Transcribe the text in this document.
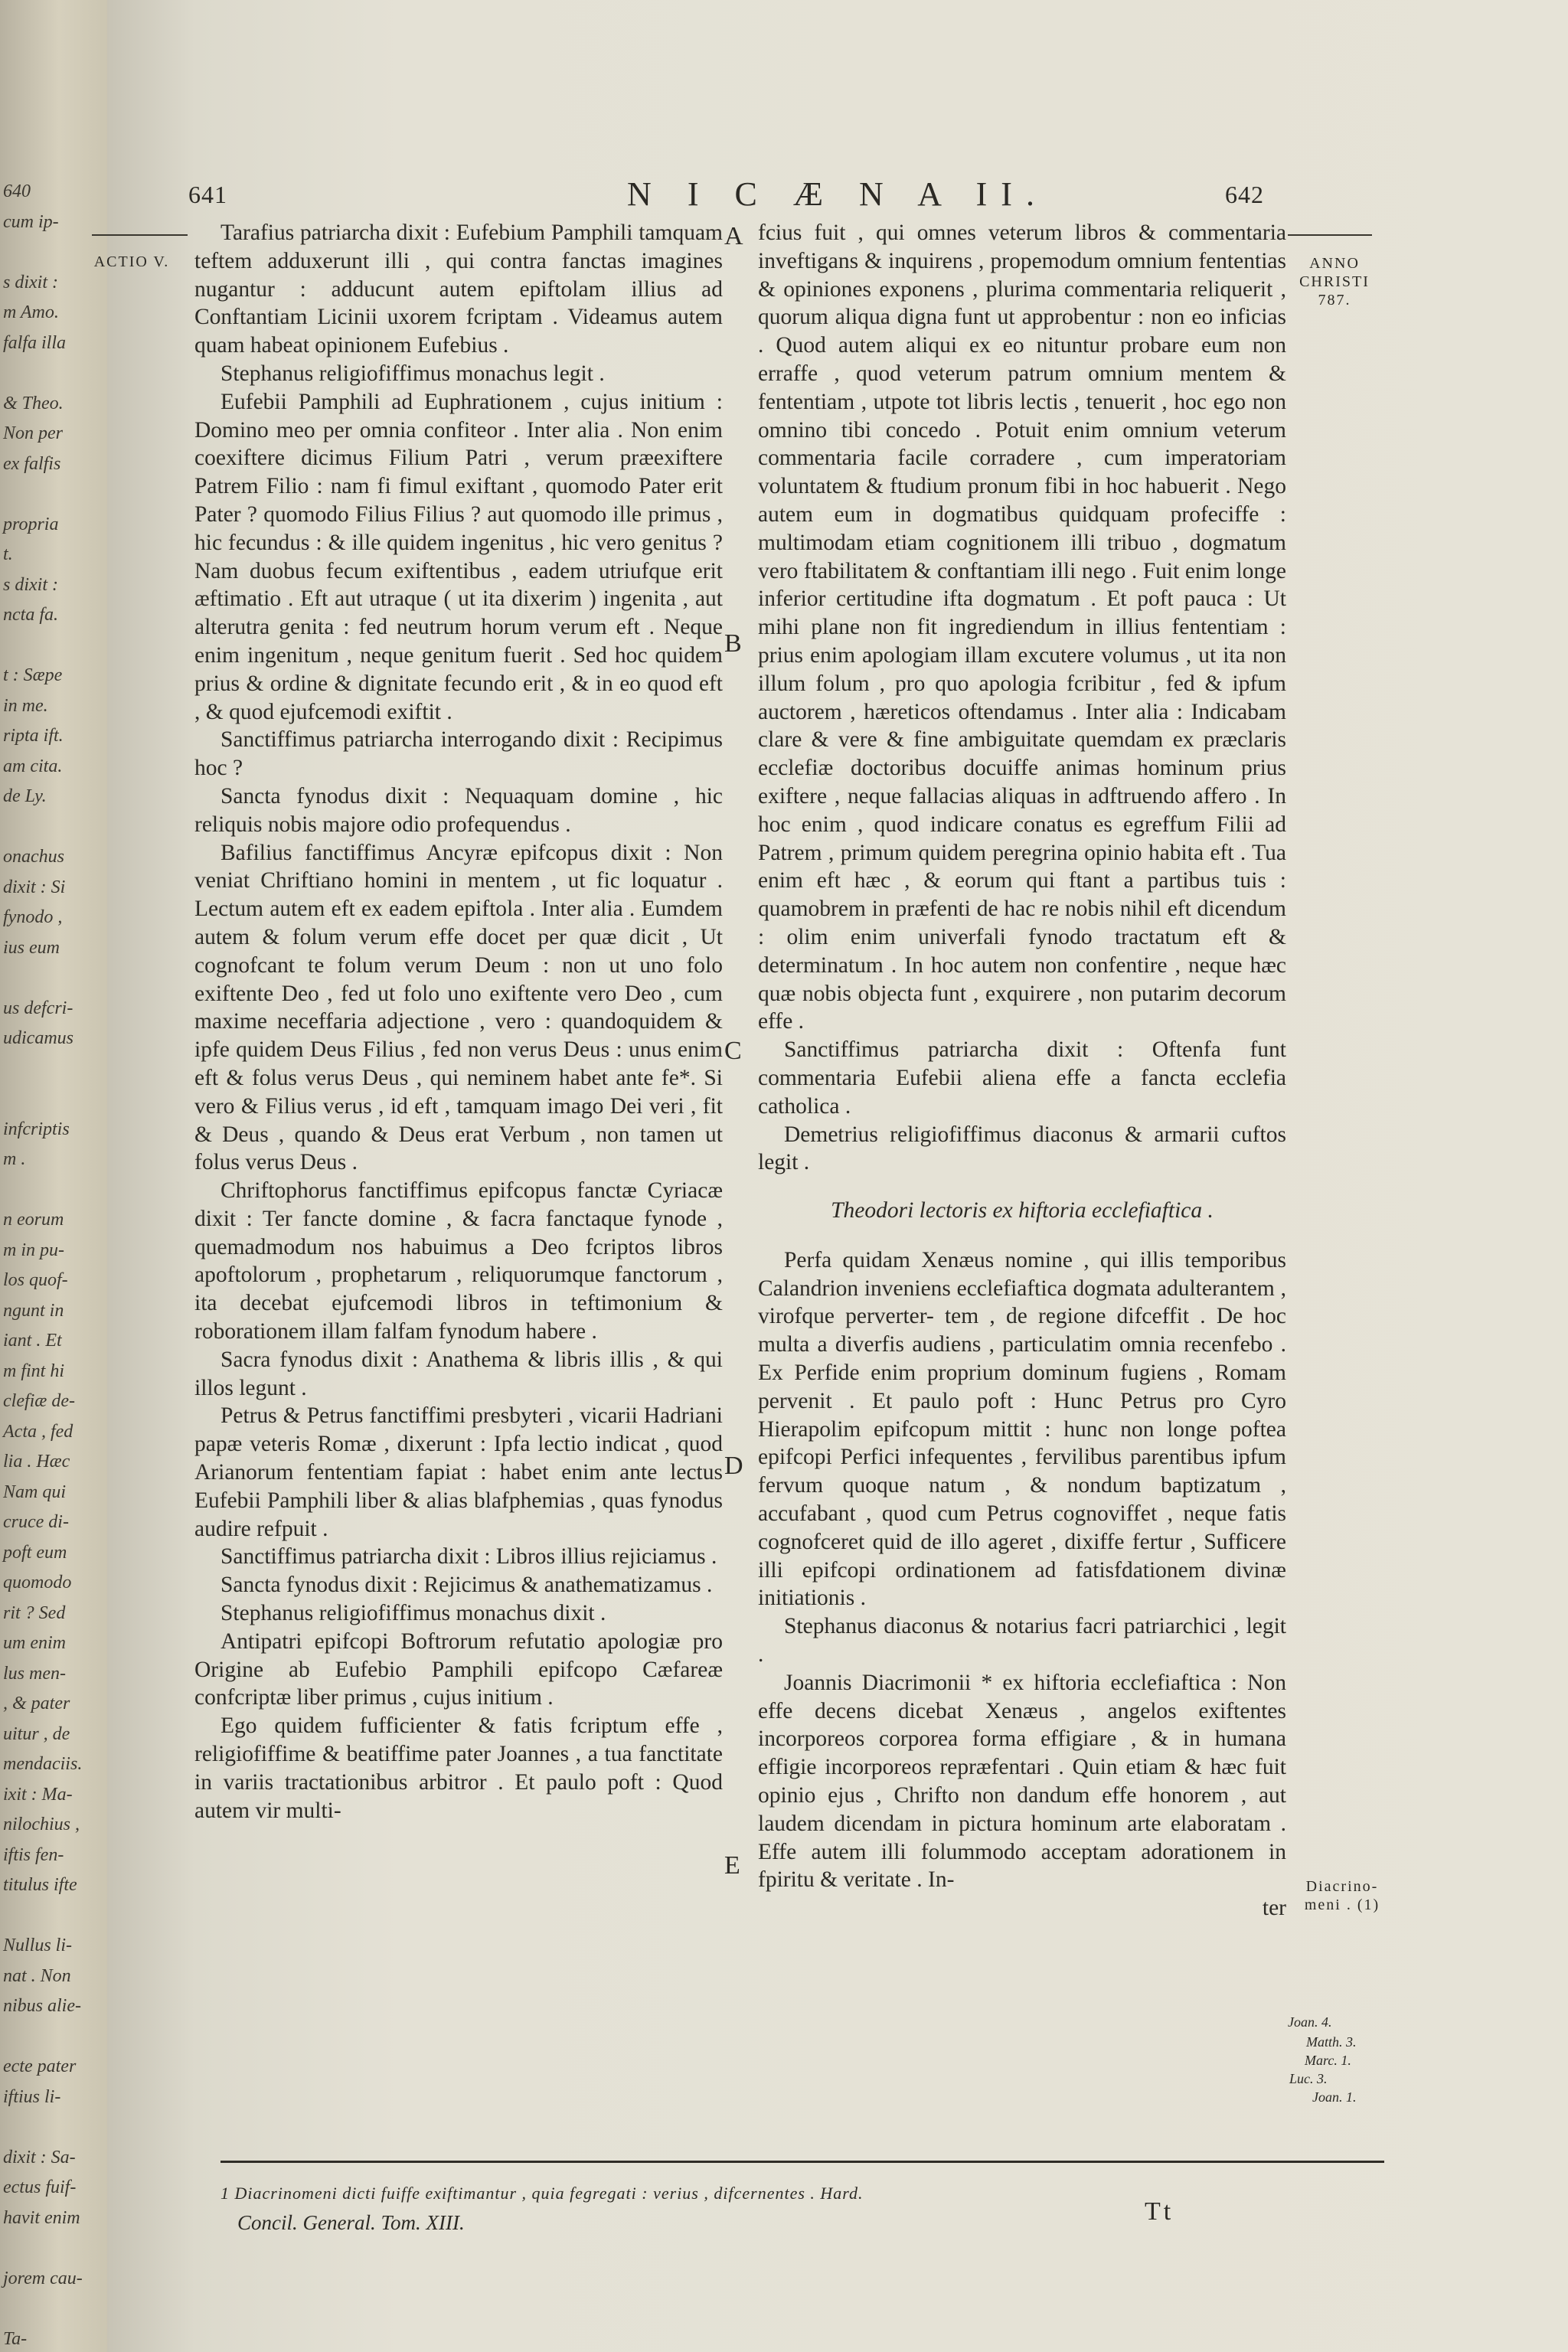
640
cum ip-
s dixit :
m Amo.
falfa illa
& Theo.
Non per
ex falfis
propria
t.
s dixit :
ncta fa.
t : Sæpe
in me.
ripta ift.
am cita.
de Ly.
onachus
dixit : Si
fynodo ,
ius eum
us defcri-
udicamus
infcriptis
m .
n eorum
m in pu-
los quof-
ngunt in
iant . Et
m fint hi
clefiæ de-
Acta , fed
lia . Hæc
Nam qui
cruce di-
poft eum
quomodo
rit ? Sed
um enim
lus men-
, & pater
uitur , de
mendaciis.
ixit : Ma-
nilochius ,
iftis fen-
titulus ifte
Nullus li-
nat . Non
nibus alie-
ecte pater
iftius li-
dixit : Sa-
ectus fuif-
havit enim
jorem cau-
Ta-
641	N I C Æ N A II.	642
ACTIO V.	ANNO CHRISTI 787.
Diacrino- meni . (1)
Joan. 4.
Matth. 3.
Marc. 1.
Luc. 3.
Joan. 1.
A
B
C
D
E

Tarafius patriarcha dixit : Eufebium Pamphili tamquam teftem adduxerunt illi , qui contra fanctas imagines nugantur : adducunt autem epiftolam illius ad Conftantiam Licinii uxorem fcriptam . Videamus autem quam habeat opinionem Eufebius .

Stephanus religiofiffimus monachus legit .

Eufebii Pamphili ad Euphrationem , cujus initium : Domino meo per omnia confiteor . Inter alia . Non enim coexiftere dicimus Filium Patri , verum præexiftere Patrem Filio : nam fi fimul exiftant , quomodo Pater erit Pater ? quomodo Filius Filius ? aut quomodo ille primus , hic fecundus : & ille quidem ingenitus , hic vero genitus ? Nam duobus fecum exiftentibus , eadem utriufque erit æftimatio . Eft aut utraque ( ut ita dixerim ) ingenita , aut alterutra genita : fed neutrum horum verum eft . Neque enim ingenitum , neque genitum fuerit . Sed hoc quidem prius & ordine & dignitate fecundo erit , & in eo quod eft , & quod ejufcemodi exiftit .

Sanctiffimus patriarcha interrogando dixit : Recipimus hoc ?

Sancta fynodus dixit : Nequaquam domine , hic reliquis nobis majore odio profequendus .

Bafilius fanctiffimus Ancyræ epifcopus dixit : Non veniat Chriftiano homini in mentem , ut fic loquatur . Lectum autem eft ex eadem epiftola . Inter alia . Eumdem autem & folum verum effe docet per quæ dicit , Ut cognofcant te folum verum Deum : non ut uno folo exiftente Deo , fed ut folo uno exiftente vero Deo , cum maxime neceffaria adjectione , vero : quandoquidem & ipfe quidem Deus Filius , fed non verus Deus : unus enim eft & folus verus Deus , qui neminem habet ante fe*. Si vero & Filius verus , id eft , tamquam imago Dei veri , fit & Deus , quando & Deus erat Verbum , non tamen ut folus verus Deus .

Chriftophorus fanctiffimus epifcopus fanctæ Cyriacæ dixit : Ter fancte domine , & facra fanctaque fynode , quemadmodum nos habuimus a Deo fcriptos libros apoftolorum , prophetarum , reliquorumque fanctorum , ita decebat ejufcemodi libros in teftimonium & roborationem illam falfam fynodum habere .

Sacra fynodus dixit : Anathema & libris illis , & qui illos legunt .

Petrus & Petrus fanctiffimi presbyteri , vicarii Hadriani papæ veteris Romæ , dixerunt : Ipfa lectio indicat , quod Arianorum fententiam fapiat : habet enim ante lectus Eufebii Pamphili liber & alias blafphemias , quas fynodus audire refpuit .

Sanctiffimus patriarcha dixit : Libros illius rejiciamus .

Sancta fynodus dixit : Rejicimus & anathematizamus .

Stephanus religiofiffimus monachus dixit .

Antipatri epifcopi Boftrorum refutatio apologiæ pro Origine ab Eufebio Pamphili epifcopo Cæfareæ confcriptæ liber primus , cujus initium .

Ego quidem fufficienter & fatis fcriptum effe , religiofiffime & beatiffime pater Joannes , a tua fanctitate in variis tractationibus arbitror . Et paulo poft : Quod autem vir multi-

fcius fuit , qui omnes veterum libros & commentaria inveftigans & inquirens , propemodum omnium fententias & opiniones exponens , plurima commentaria reliquerit , quorum aliqua digna funt ut approbentur : non eo inficias . Quod autem aliqui ex eo nituntur probare eum non erraffe , quod veterum patrum omnium mentem & fententiam , utpote tot libris lectis , tenuerit , hoc ego non omnino tibi concedo . Potuit enim omnium veterum commentaria facile corradere , cum imperatoriam voluntatem & ftudium pronum fibi in hoc habuerit . Nego autem eum in dogmatibus quidquam profeciffe : multimodam etiam cognitionem illi tribuo , dogmatum vero ftabilitatem & conftantiam illi nego . Fuit enim longe inferior certitudine ifta dogmatum . Et poft pauca : Ut mihi plane non fit ingrediendum in illius fententiam : prius enim apologiam illam excutere volumus , ut ita non illum folum , pro quo apologia fcribitur , fed & ipfum auctorem , hæreticos oftendamus . Inter alia : Indicabam clare & vere & fine ambiguitate quemdam ex præclaris ecclefiæ doctoribus docuiffe animas hominum prius exiftere , neque fallacias aliquas in adftruendo affero . In hoc enim , quod indicare conatus es egreffum Filii ad Patrem , primum quidem peregrina opinio habita eft . Tua enim eft hæc , & eorum qui ftant a partibus tuis : quamobrem in præfenti de hac re nobis nihil eft dicendum : olim enim univerfali fynodo tractatum eft & determinatum . In hoc autem non confentire , neque hæc quæ nobis objecta funt , exquirere , non putarim decorum effe .

Sanctiffimus patriarcha dixit : Oftenfa funt commentaria Eufebii aliena effe a fancta ecclefia catholica .

Demetrius religiofiffimus diaconus & armarii cuftos legit .

Theodori lectoris ex hiftoria ecclefiaftica .

Perfa quidam Xenæus nomine , qui illis temporibus Calandrion inveniens ecclefiaftica dogmata adulterantem , virofque perverter- tem , de regione difceffit . De hoc multa a diverfis audiens , particulatim omnia recenfebo . Ex Perfide enim proprium dominum fugiens , Romam pervenit . Et paulo poft : Hunc Petrus pro Cyro Hierapolim epifcopum mittit : hunc non longe poftea epifcopi Perfici infequentes , fervilibus parentibus ipfum fervum quoque natum , & nondum baptizatum , accufabant , quod cum Petrus cognoviffet , neque fatis cognofceret quid de illo ageret , dixiffe fertur , Sufficere illi epifcopi ordinationem ad fatisfdationem divinæ initiationis .

Stephanus diaconus & notarius facri patriarchici , legit .

Joannis Diacrimonii * ex hiftoria ecclefiaftica : Non effe decens dicebat Xenæus , angelos exiftentes incorporeos corporea forma effigiare , & in humana effigie incorporeos repræfentari . Quin etiam & hæc fuit opinio ejus , Chrifto non dandum effe honorem , aut laudem dicendam in pictura hominum arte elaboratam . Effe autem illi folummodo acceptam adorationem in fpiritu & veritate . In-

ter

1 Diacrinomeni dicti fuiffe exiftimantur , quia fegregati : verius , difcernentes . Hard.
Concil. General. Tom. XIII.	Tt
